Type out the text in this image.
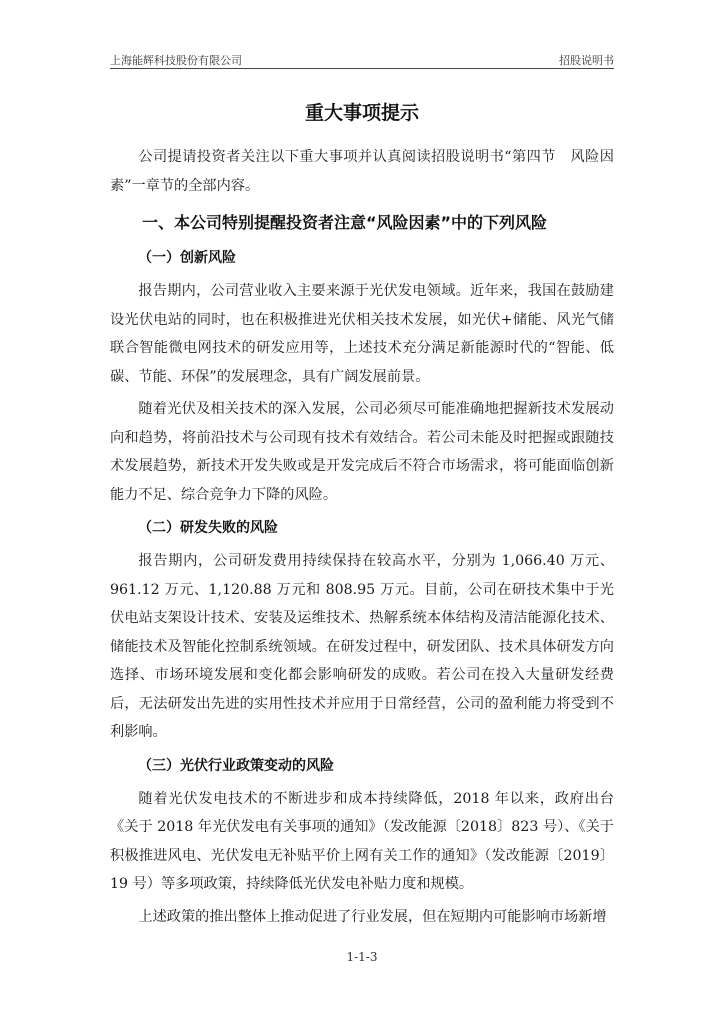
上海能辉科技股份有限公司	招股说明书
重大事项提示

公司提请投资者关注以下重大事项并认真阅读招股说明书“第四节　风险因素”一章节的全部内容。

一、本公司特别提醒投资者注意“风险因素”中的下列风险
（一）创新风险

报告期内，公司营业收入主要来源于光伏发电领域。近年来，我国在鼓励建设光伏电站的同时，也在积极推进光伏相关技术发展，如光伏+储能、风光气储联合智能微电网技术的研发应用等，上述技术充分满足新能源时代的“智能、低碳、节能、环保”的发展理念，具有广阔发展前景。

随着光伏及相关技术的深入发展，公司必须尽可能准确地把握新技术发展动向和趋势，将前沿技术与公司现有技术有效结合。若公司未能及时把握或跟随技术发展趋势，新技术开发失败或是开发完成后不符合市场需求，将可能面临创新能力不足、综合竞争力下降的风险。

（二）研发失败的风险

报告期内，公司研发费用持续保持在较高水平，分别为 1,066.40 万元、961.12 万元、1,120.88 万元和 808.95 万元。目前，公司在研技术集中于光伏电站支架设计技术、安装及运维技术、热解系统本体结构及清洁能源化技术、储能技术及智能化控制系统领域。在研发过程中，研发团队、技术具体研发方向选择、市场环境发展和变化都会影响研发的成败。若公司在投入大量研发经费后，无法研发出先进的实用性技术并应用于日常经营，公司的盈利能力将受到不利影响。

（三）光伏行业政策变动的风险

随着光伏发电技术的不断进步和成本持续降低，2018 年以来，政府出台《关于 2018 年光伏发电有关事项的通知》（发改能源〔2018〕823 号）、《关于积极推进风电、光伏发电无补贴平价上网有关工作的通知》（发改能源〔2019〕19 号）等多项政策，持续降低光伏发电补贴力度和规模。

上述政策的推出整体上推动促进了行业发展，但在短期内可能影响市场新增

1-1-3
